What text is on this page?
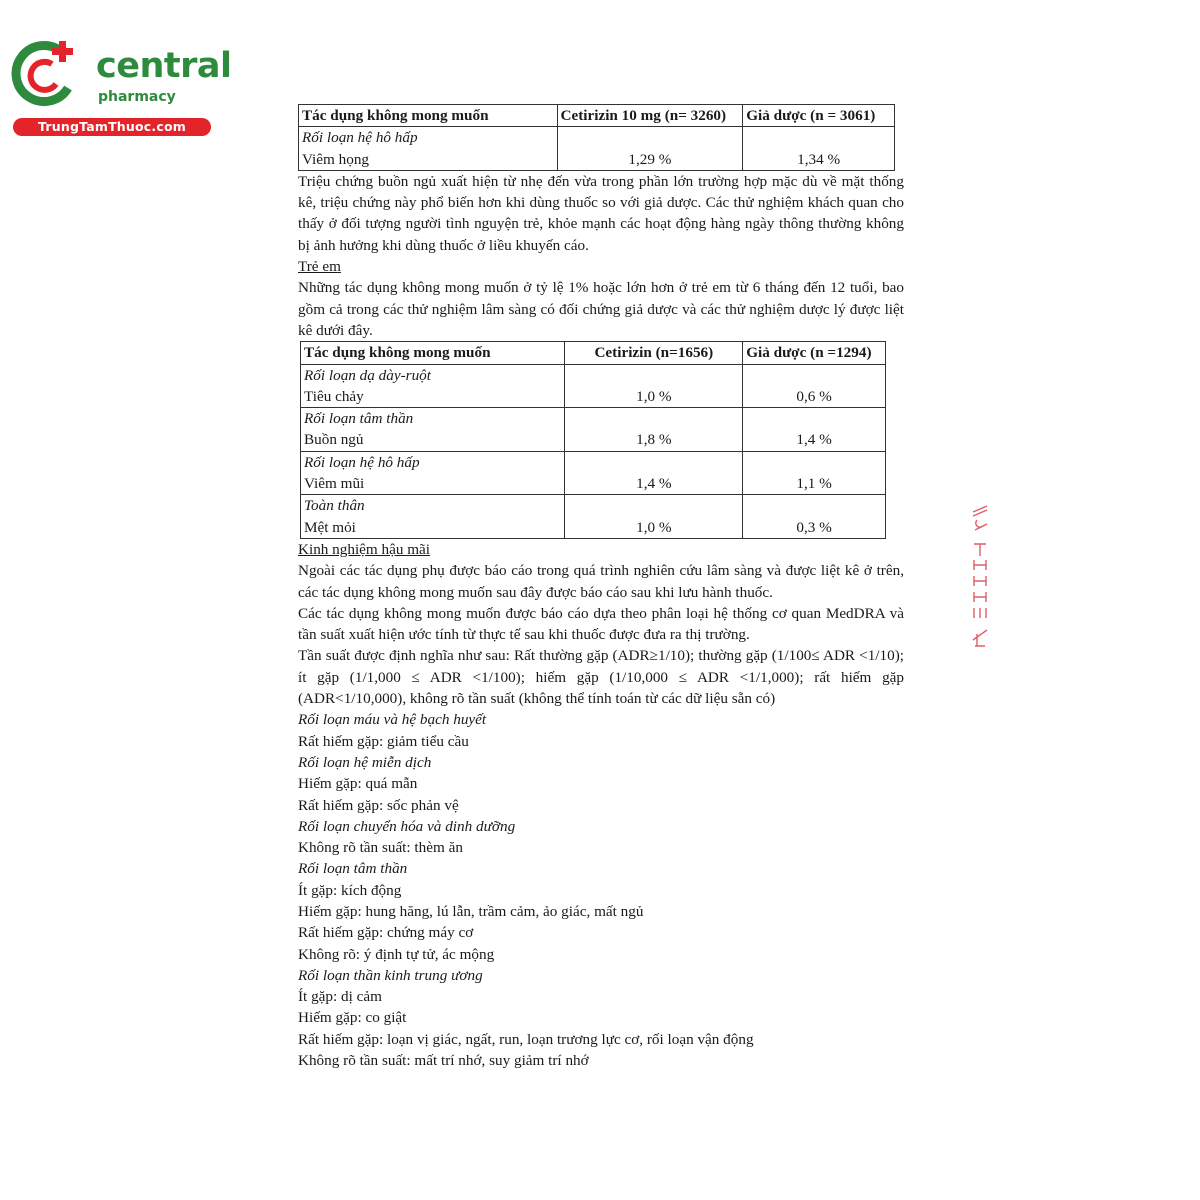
central
pharmacy
TrungTamThuoc.com
Tác dụng không mong muốn	Cetirizin 10 mg (n= 3260)	Giả dược (n = 3061)

Rối loạn hệ hô hấp
Viêm họng	1,29 %	1,34 %

Triệu chứng buồn ngủ xuất hiện từ nhẹ đến vừa trong phần lớn trường hợp mặc dù về mặt thống kê, triệu chứng này phổ biến hơn khi dùng thuốc so với giả dược. Các thử nghiệm khách quan cho thấy ở đối tượng người tình nguyện trẻ, khỏe mạnh các hoạt động hàng ngày thông thường không bị ảnh hưởng khi dùng thuốc ở liều khuyến cáo.

Trẻ em

Những tác dụng không mong muốn ở tỷ lệ 1% hoặc lớn hơn ở trẻ em từ 6 tháng đến 12 tuổi, bao gồm cả trong các thử nghiệm lâm sàng có đối chứng giả dược và các thử nghiệm dược lý được liệt kê dưới đây.

Tác dụng không mong muốn	Cetirizin (n=1656)	Giả dược (n =1294)

Rối loạn dạ dày-ruột
Tiêu chảy	1,0 %	0,6 %

Rối loạn tâm thần
Buồn ngủ	1,8 %	1,4 %

Rối loạn hệ hô hấp
Viêm mũi	1,4 %	1,1 %

Toàn thân
Mệt mỏi	1,0 %	0,3 %

Kinh nghiệm hậu mãi

Ngoài các tác dụng phụ được báo cáo trong quá trình nghiên cứu lâm sàng và được liệt kê ở trên, các tác dụng không mong muốn sau đây được báo cáo sau khi lưu hành thuốc.

Các tác dụng không mong muốn được báo cáo dựa theo phân loại hệ thống cơ quan MedDRA và tần suất xuất hiện ước tính từ thực tế sau khi thuốc được đưa ra thị trường.

Tần suất được định nghĩa như sau: Rất thường gặp (ADR≥1/10); thường gặp (1/100≤ ADR <1/10); ít gặp (1/1,000 ≤ ADR <1/100); hiếm gặp (1/10,000 ≤ ADR <1/1,000); rất hiếm gặp (ADR<1/10,000), không rõ tần suất (không thể tính toán từ các dữ liệu sẵn có)

Rối loạn máu và hệ bạch huyết

Rất hiếm gặp: giảm tiểu cầu

Rối loạn hệ miễn dịch

Hiếm gặp: quá mẫn

Rất hiếm gặp: sốc phản vệ

Rối loạn chuyển hóa và dinh dưỡng

Không rõ tần suất: thèm ăn

Rối loạn tâm thần

Ít gặp: kích động

Hiếm gặp: hung hăng, lú lẫn, trầm cảm, ảo giác, mất ngủ

Rất hiếm gặp: chứng máy cơ

Không rõ: ý định tự tử, ác mộng

Rối loạn thần kinh trung ương

Ít gặp: dị cảm

Hiếm gặp: co giật

Rất hiếm gặp: loạn vị giác, ngất, run, loạn trương lực cơ, rối loạn vận động

Không rõ tần suất: mất trí nhớ, suy giảm trí nhớ
